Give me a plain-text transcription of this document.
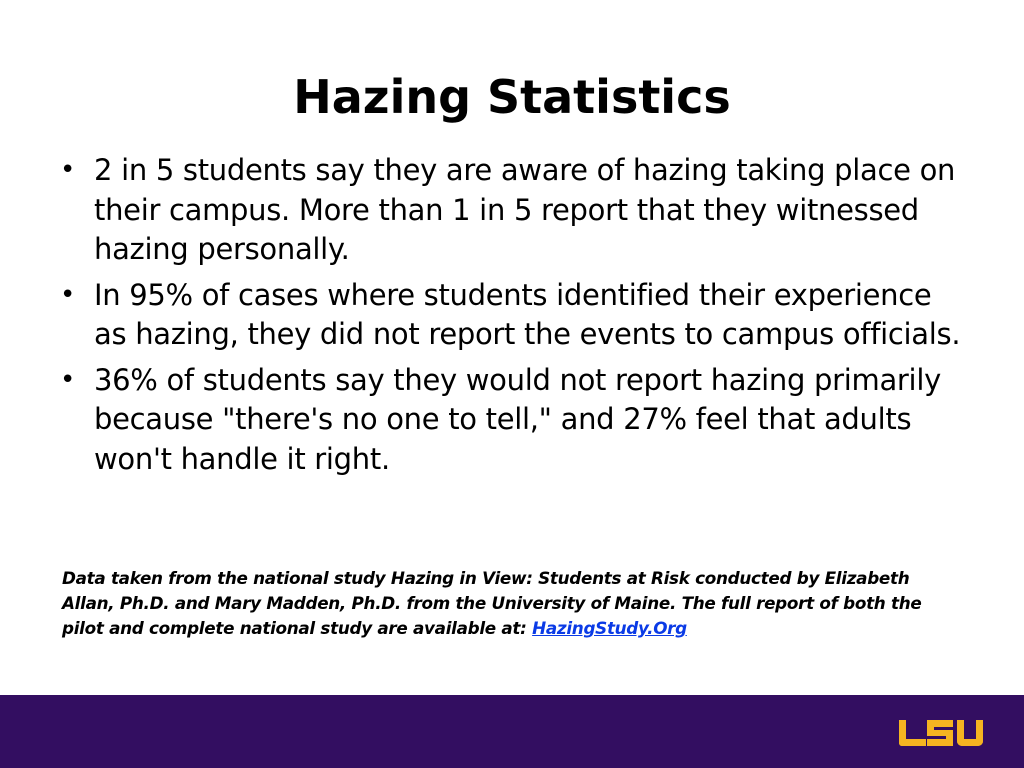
Hazing Statistics
• 2 in 5 students say they are aware of hazing taking place on their campus. More than 1 in 5 report that they witnessed hazing personally.
• In 95% of cases where students identified their experience as hazing, they did not report the events to campus officials.
• 36% of students say they would not report hazing primarily because "there's no one to tell," and 27% feel that adults won't handle it right.

Data taken from the national study Hazing in View: Students at Risk conducted by Elizabeth Allan, Ph.D. and Mary Madden, Ph.D. from the University of Maine. The full report of both the pilot and complete national study are available at: HazingStudy.Org
